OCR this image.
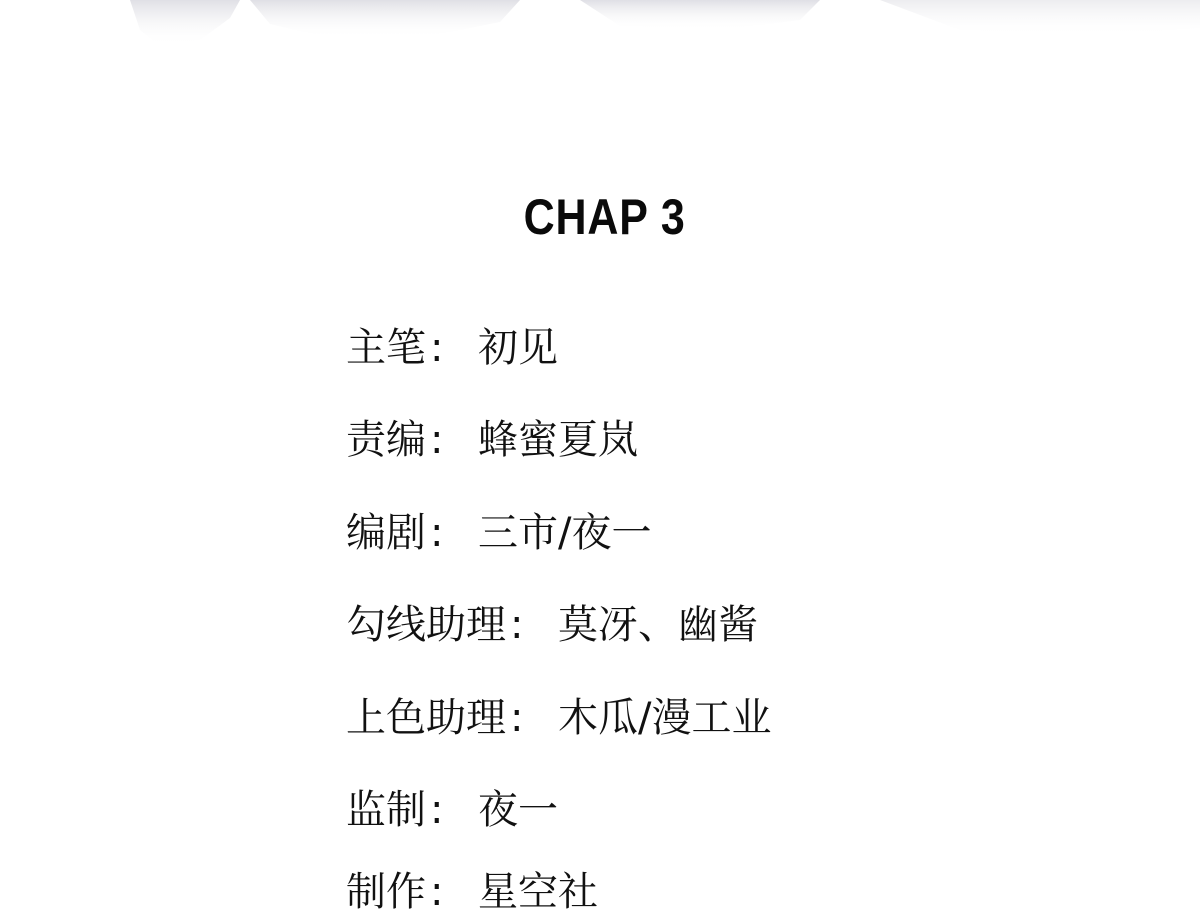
CHAP 3
主笔 : 初见
责编 : 蜂蜜夏岚
编剧 : 三市/夜一
勾线助理 : 莫冴、幽酱
上色助理 : 木瓜/漫工业
监制 : 夜一
制作 : 星空社
